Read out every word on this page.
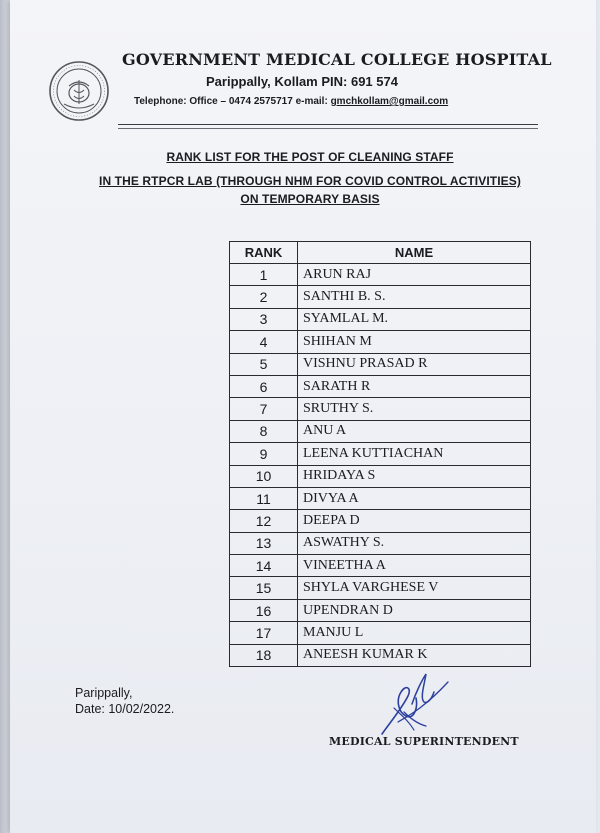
GOVERNMENT MEDICAL COLLEGE HOSPITAL
Parippally, Kollam PIN: 691 574
Telephone: Office – 0474 2575717 e-mail: gmchkollam@gmail.com
RANK LIST FOR THE POST OF CLEANING STAFF
IN THE RTPCR LAB (THROUGH NHM FOR COVID CONTROL ACTIVITIES)
ON TEMPORARY BASIS
RANK	NAME
1	ARUN RAJ
2	SANTHI B. S.
3	SYAMLAL M.
4	SHIHAN M
5	VISHNU PRASAD R
6	SARATH R
7	SRUTHY S.
8	ANU A
9	LEENA KUTTIACHAN
10	HRIDAYA S
11	DIVYA A
12	DEEPA D
13	ASWATHY S.
14	VINEETHA A
15	SHYLA VARGHESE V
16	UPENDRAN D
17	MANJU L
18	ANEESH KUMAR K
Parippally,
Date: 10/02/2022.
MEDICAL SUPERINTENDENT
